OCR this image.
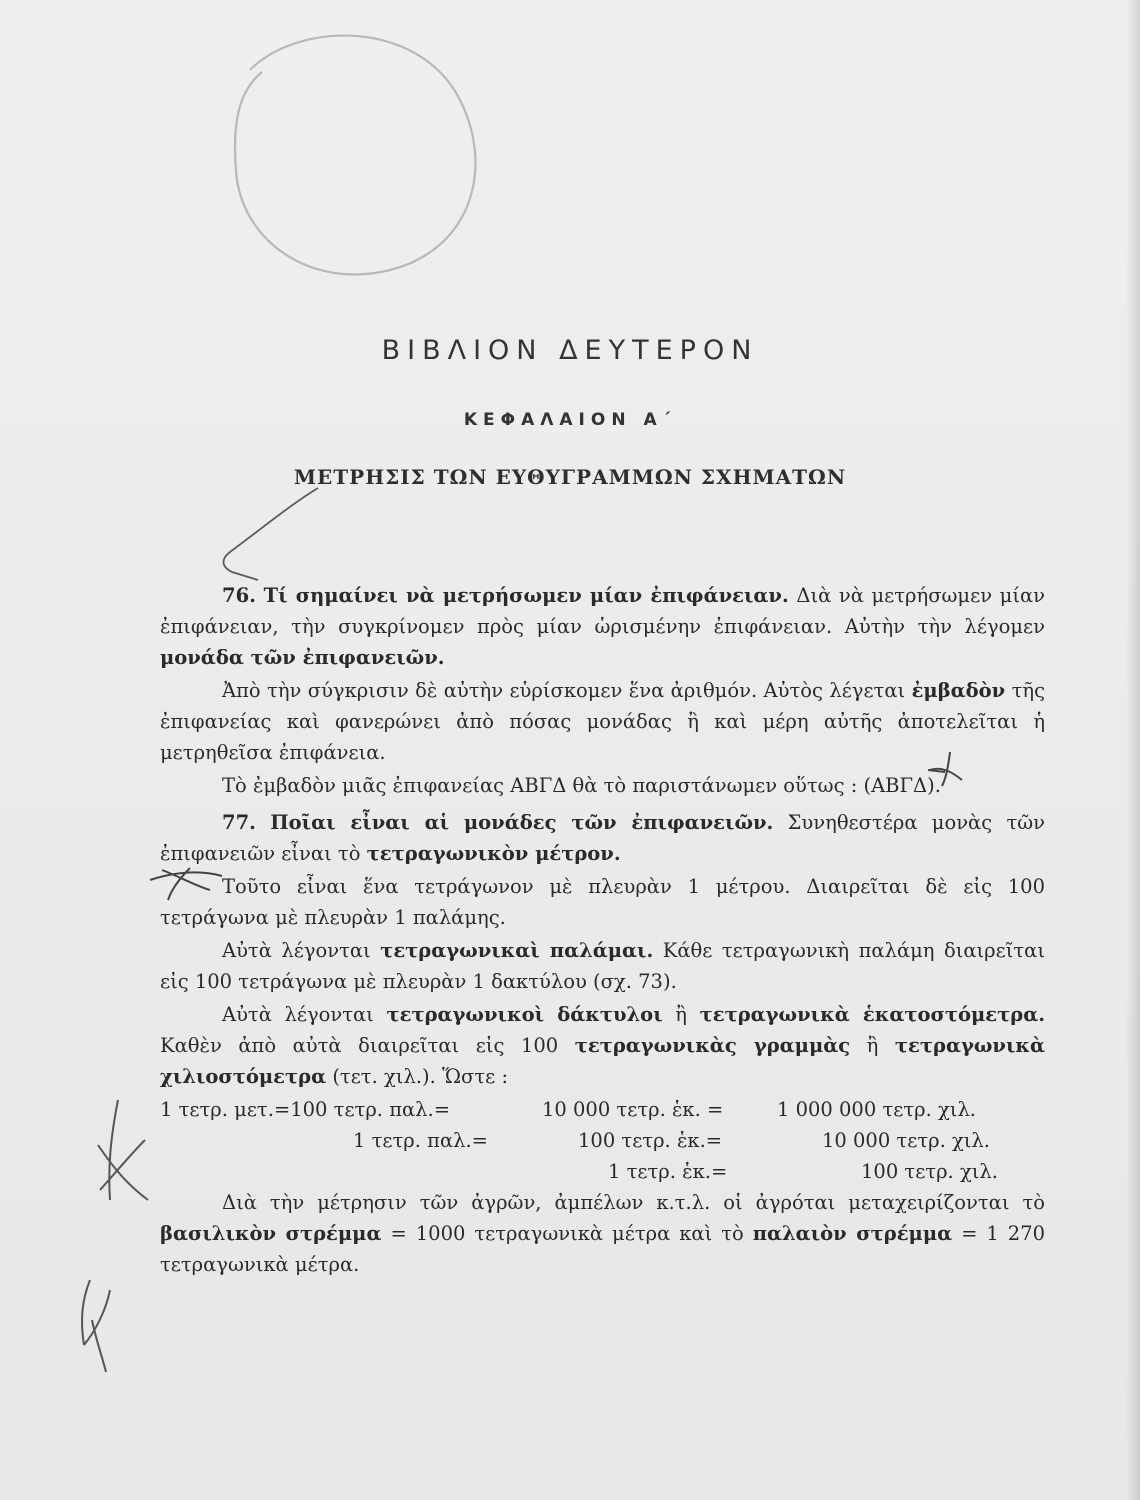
ΒΙΒΛΙΟΝ ΔΕΥΤΕΡΟΝ
ΚΕΦΑΛΑΙΟΝ Α΄
ΜΕΤΡΗΣΙΣ ΤΩΝ ΕΥΘΥΓΡΑΜΜΩΝ ΣΧΗΜΑΤΩΝ

76. Τί σημαίνει νὰ μετρήσωμεν μίαν ἐπιφάνειαν. Διὰ νὰ μετρήσωμεν μίαν ἐπιφάνειαν, τὴν συγκρίνομεν πρὸς μίαν ὡρισμένην ἐπιφάνειαν. Αὐτὴν τὴν λέγομεν μονάδα τῶν ἐπιφανειῶν.

Ἀπὸ τὴν σύγκρισιν δὲ αὐτὴν εὑρίσκομεν ἕνα ἀριθμόν. Αὐτὸς λέγεται ἐμβαδὸν τῆς ἐπιφανείας καὶ φανερώνει ἀπὸ πόσας μονάδας ἢ καὶ μέρη αὐτῆς ἀποτελεῖται ἡ μετρηθεῖσα ἐπιφάνεια.

Τὸ ἐμβαδὸν μιᾶς ἐπιφανείας ΑΒΓΔ θὰ τὸ παριστάνωμεν οὕτως : (ΑΒΓΔ).

77. Ποῖαι εἶναι αἱ μονάδες τῶν ἐπιφανειῶν. Συνηθεστέρα μονὰς τῶν ἐπιφανειῶν εἶναι τὸ τετραγωνικὸν μέτρον.

Τοῦτο εἶναι ἕνα τετράγωνον μὲ πλευρὰν 1 μέτρου. Διαιρεῖται δὲ εἰς 100 τετράγωνα μὲ πλευρὰν 1 παλάμης.

Αὐτὰ λέγονται τετραγωνικαὶ παλάμαι. Κάθε τετραγωνικὴ παλάμη διαιρεῖται εἰς 100 τετράγωνα μὲ πλευρὰν 1 δακτύλου (σχ. 73).

Αὐτὰ λέγονται τετραγωνικοὶ δάκτυλοι ἢ τετραγωνικὰ ἑκατοστόμετρα. Καθὲν ἀπὸ αὐτὰ διαιρεῖται εἰς 100 τετραγωνικὰς γραμμὰς ἢ τετραγωνικὰ χιλιοστόμετρα (τετ. χιλ.). Ὥστε :

1 τετρ. μετ.=100 τετρ. παλ.=	10 000 τετρ. ἑκ. =	1 000 000 τετρ. χιλ.
1 τετρ. παλ.=	100 τετρ. ἑκ.=	10 000 τετρ. χιλ.
1 τετρ. ἑκ.=	100 τετρ. χιλ.

Διὰ τὴν μέτρησιν τῶν ἀγρῶν, ἀμπέλων κ.τ.λ. οἱ ἀγρόται μεταχειρίζονται τὸ βασιλικὸν στρέμμα = 1000 τετραγωνικὰ μέτρα καὶ τὸ παλαιὸν στρέμμα = 1 270 τετραγωνικὰ μέτρα.
